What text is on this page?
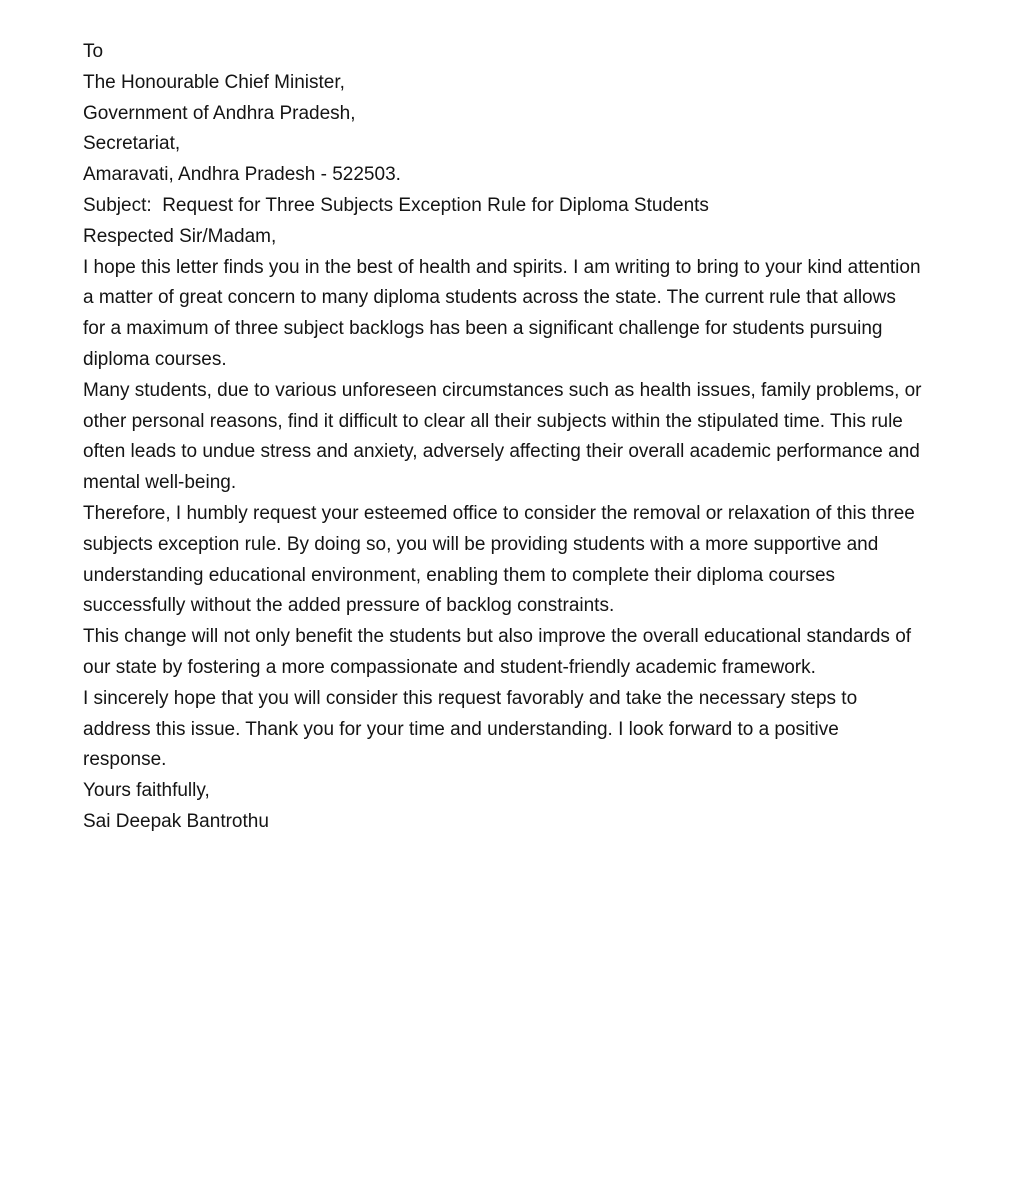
To

The Honourable Chief Minister,

Government of Andhra Pradesh,

Secretariat,

Amaravati, Andhra Pradesh - 522503.

Subject:  Request for Three Subjects Exception Rule for Diploma Students

Respected Sir/Madam,

I hope this letter finds you in the best of health and spirits. I am writing to bring to your kind attention a matter of great concern to many diploma students across the state. The current rule that allows for a maximum of three subject backlogs has been a significant challenge for students pursuing diploma courses.

Many students, due to various unforeseen circumstances such as health issues, family problems, or other personal reasons, find it difficult to clear all their subjects within the stipulated time. This rule often leads to undue stress and anxiety, adversely affecting their overall academic performance and mental well-being.

Therefore, I humbly request your esteemed office to consider the removal or relaxation of this three subjects exception rule. By doing so, you will be providing students with a more supportive and understanding educational environment, enabling them to complete their diploma courses successfully without the added pressure of backlog constraints.

This change will not only benefit the students but also improve the overall educational standards of our state by fostering a more compassionate and student-friendly academic framework.

I sincerely hope that you will consider this request favorably and take the necessary steps to address this issue. Thank you for your time and understanding. I look forward to a positive response.

Yours faithfully,

Sai Deepak Bantrothu
